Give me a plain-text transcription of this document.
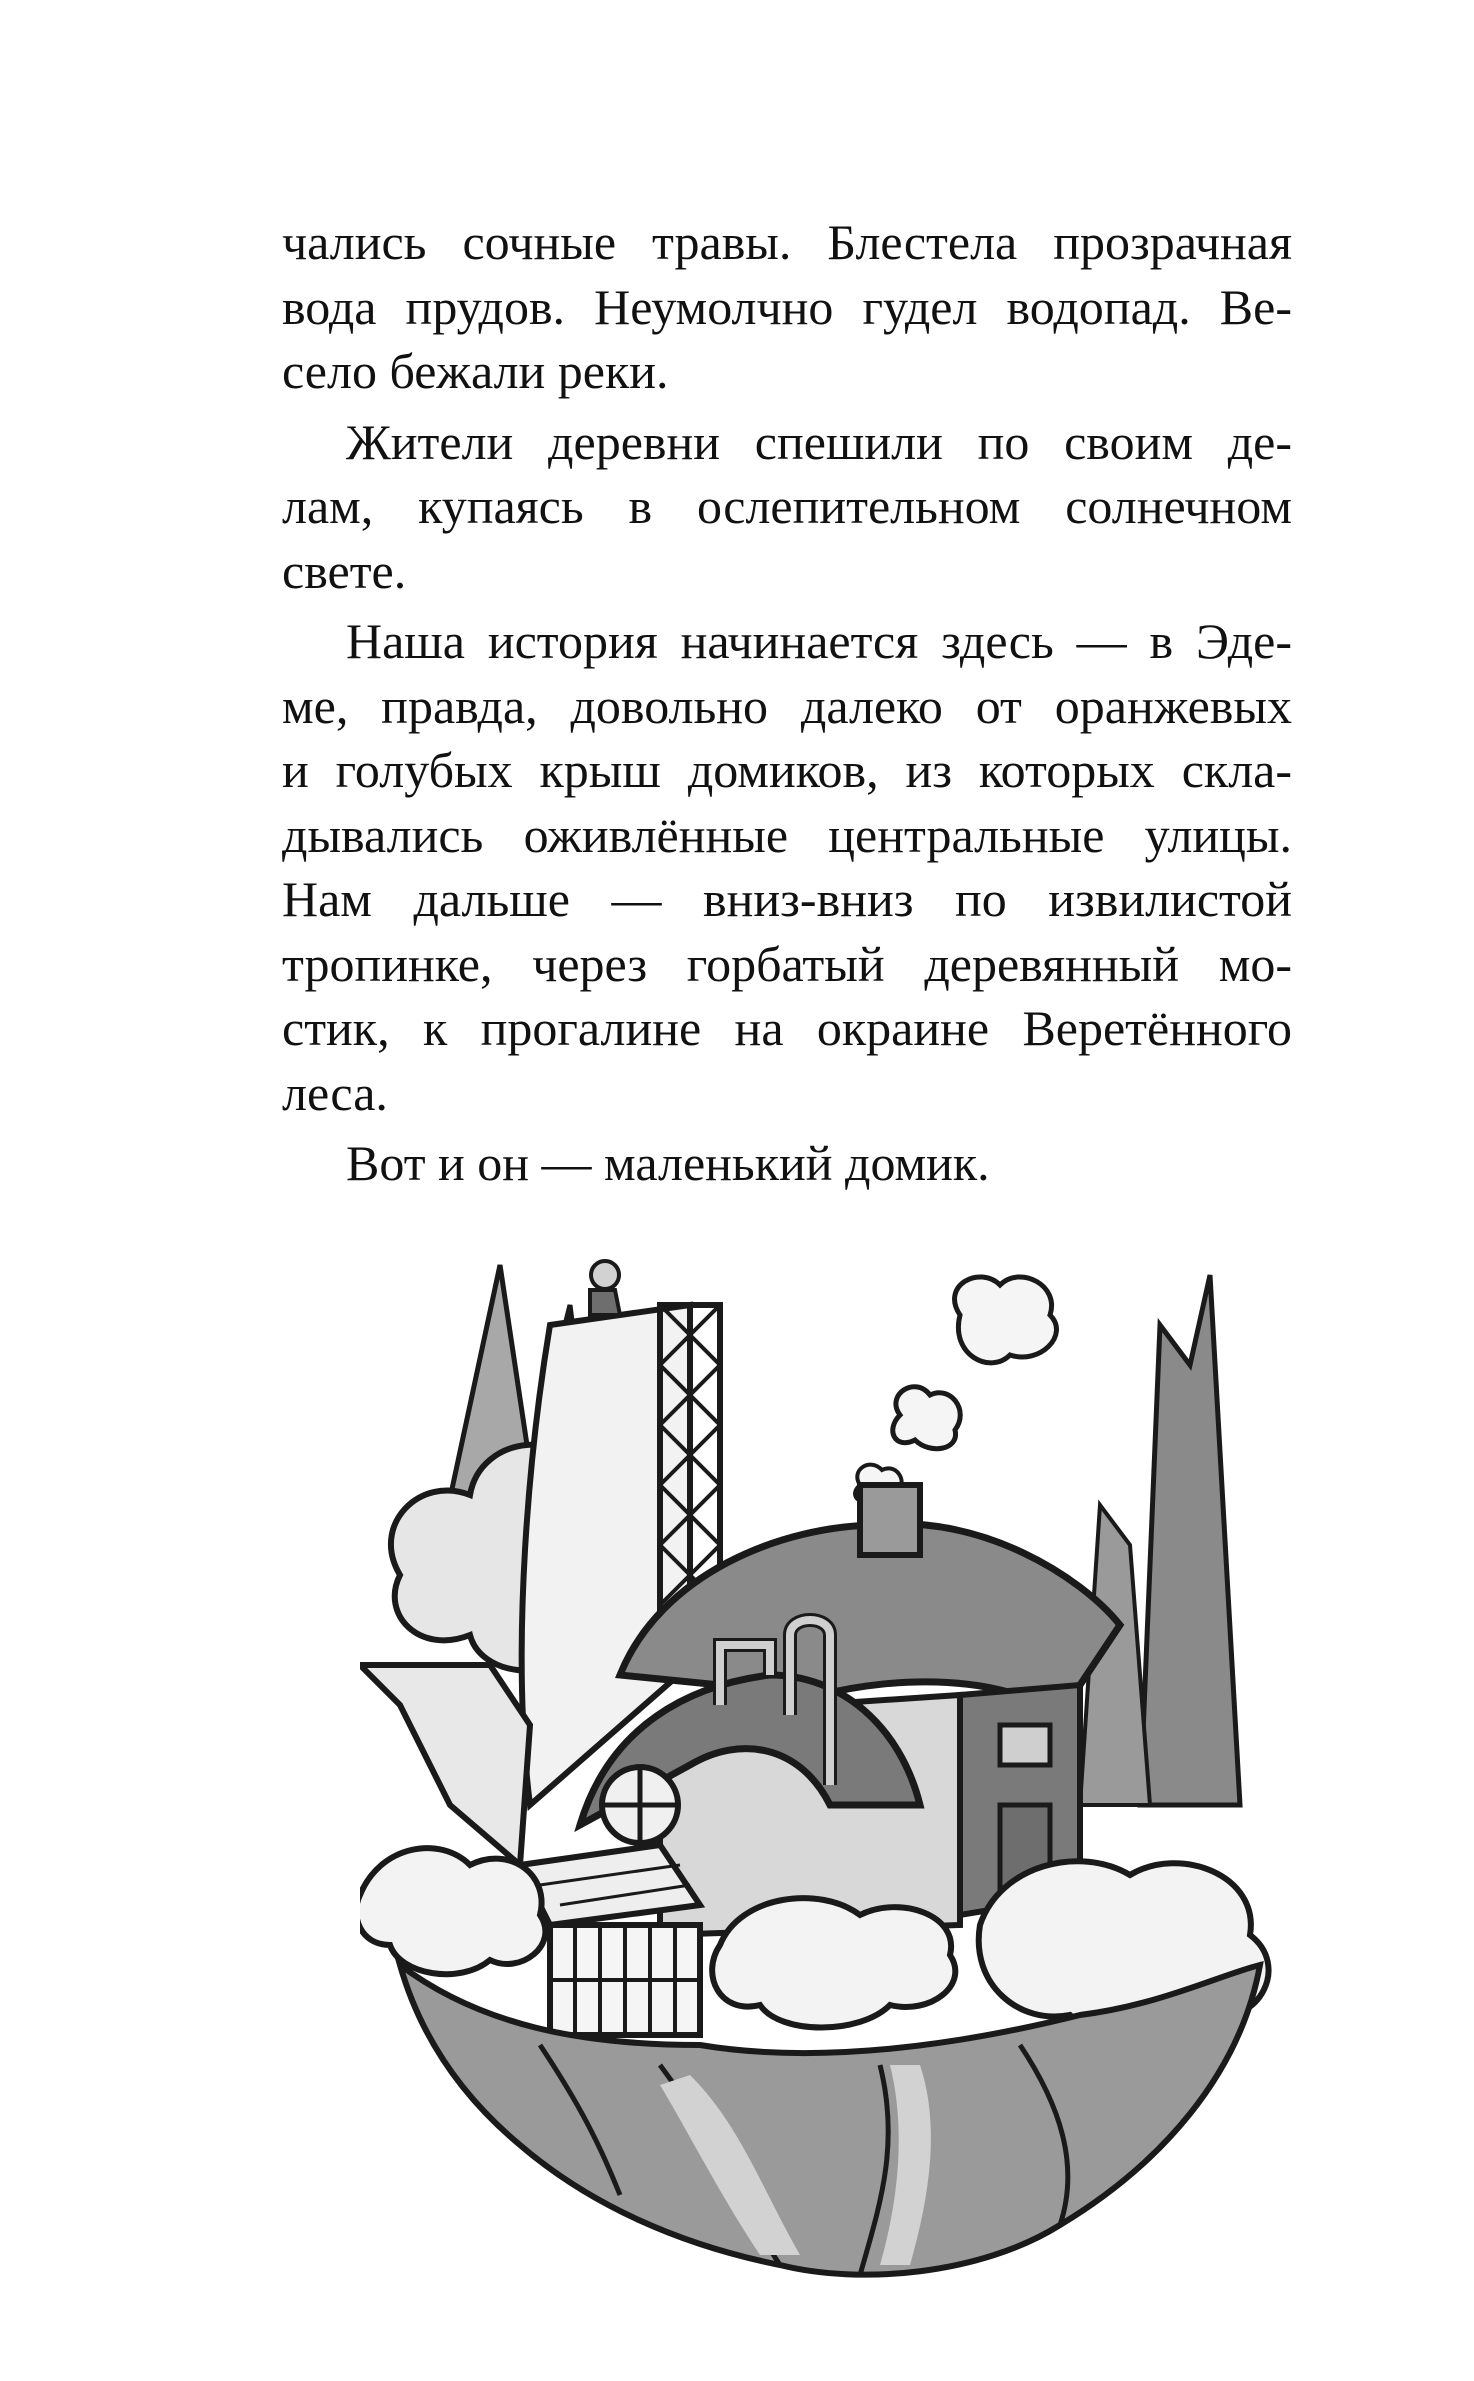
чались сочные травы. Блестела прозрачная
вода прудов. Неумолчно гудел водопад. Ве-
село бежали реки.

Жители деревни спешили по своим де-
лам, купаясь в ослепительном солнечном
свете.

Наша история начинается здесь — в Эде-
ме, правда, довольно далеко от оранжевых
и голубых крыш домиков, из которых скла-
дывались оживлённые центральные улицы.
Нам дальше — вниз-вниз по извилистой
тропинке, через горбатый деревянный мо-
стик, к прогалине на окраине Веретённого
леса.

Вот и он — маленький домик.
